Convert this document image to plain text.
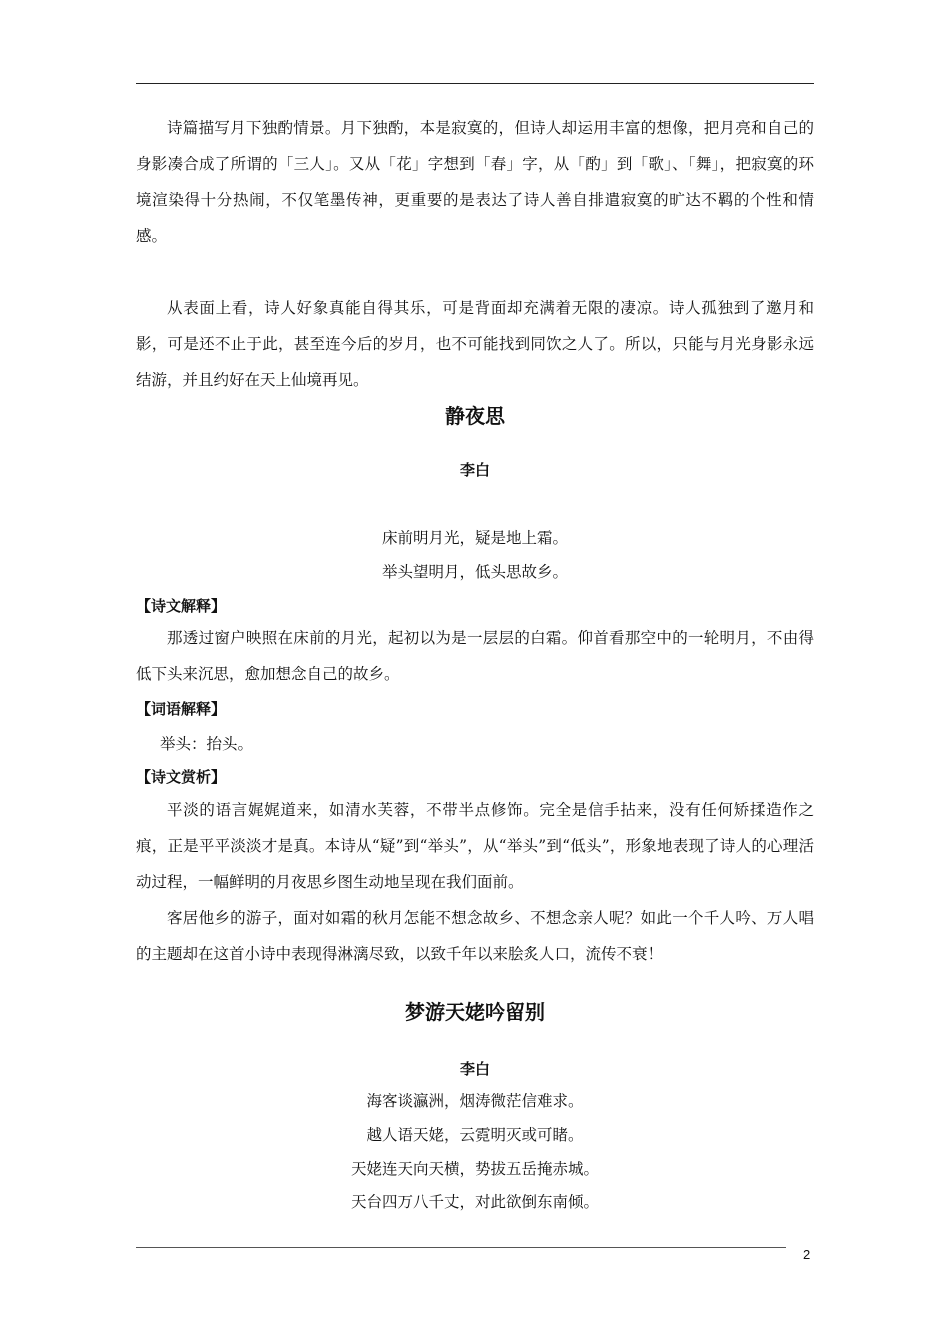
诗篇描写月下独酌情景。月下独酌，本是寂寞的，但诗人却运用丰富的想像，把月亮和自己的身影凑合成了所谓的「三人」。又从「花」字想到「春」字，从「酌」到「歌」、「舞」，把寂寞的环境渲染得十分热闹，不仅笔墨传神，更重要的是表达了诗人善自排遣寂寞的旷达不羁的个性和情感。

从表面上看，诗人好象真能自得其乐，可是背面却充满着无限的凄凉。诗人孤独到了邀月和影，可是还不止于此，甚至连今后的岁月，也不可能找到同饮之人了。所以，只能与月光身影永远结游，并且约好在天上仙境再见。

静夜思

李白

床前明月光，疑是地上霜。

举头望明月，低头思故乡。

【诗文解释】

那透过窗户映照在床前的月光，起初以为是一层层的白霜。仰首看那空中的一轮明月，不由得低下头来沉思，愈加想念自己的故乡。

【词语解释】

举头：抬头。

【诗文赏析】

平淡的语言娓娓道来，如清水芙蓉，不带半点修饰。完全是信手拈来，没有任何矫揉造作之痕，正是平平淡淡才是真。本诗从“疑”到“举头”，从“举头”到“低头”，形象地表现了诗人的心理活动过程，一幅鲜明的月夜思乡图生动地呈现在我们面前。

客居他乡的游子，面对如霜的秋月怎能不想念故乡、不想念亲人呢？如此一个千人吟、万人唱的主题却在这首小诗中表现得淋漓尽致，以致千年以来脍炙人口，流传不衰！

梦游天姥吟留别

李白

海客谈瀛洲，烟涛微茫信难求。

越人语天姥，云霓明灭或可睹。

天姥连天向天横，势拔五岳掩赤城。

天台四万八千丈，对此欲倒东南倾。

2
